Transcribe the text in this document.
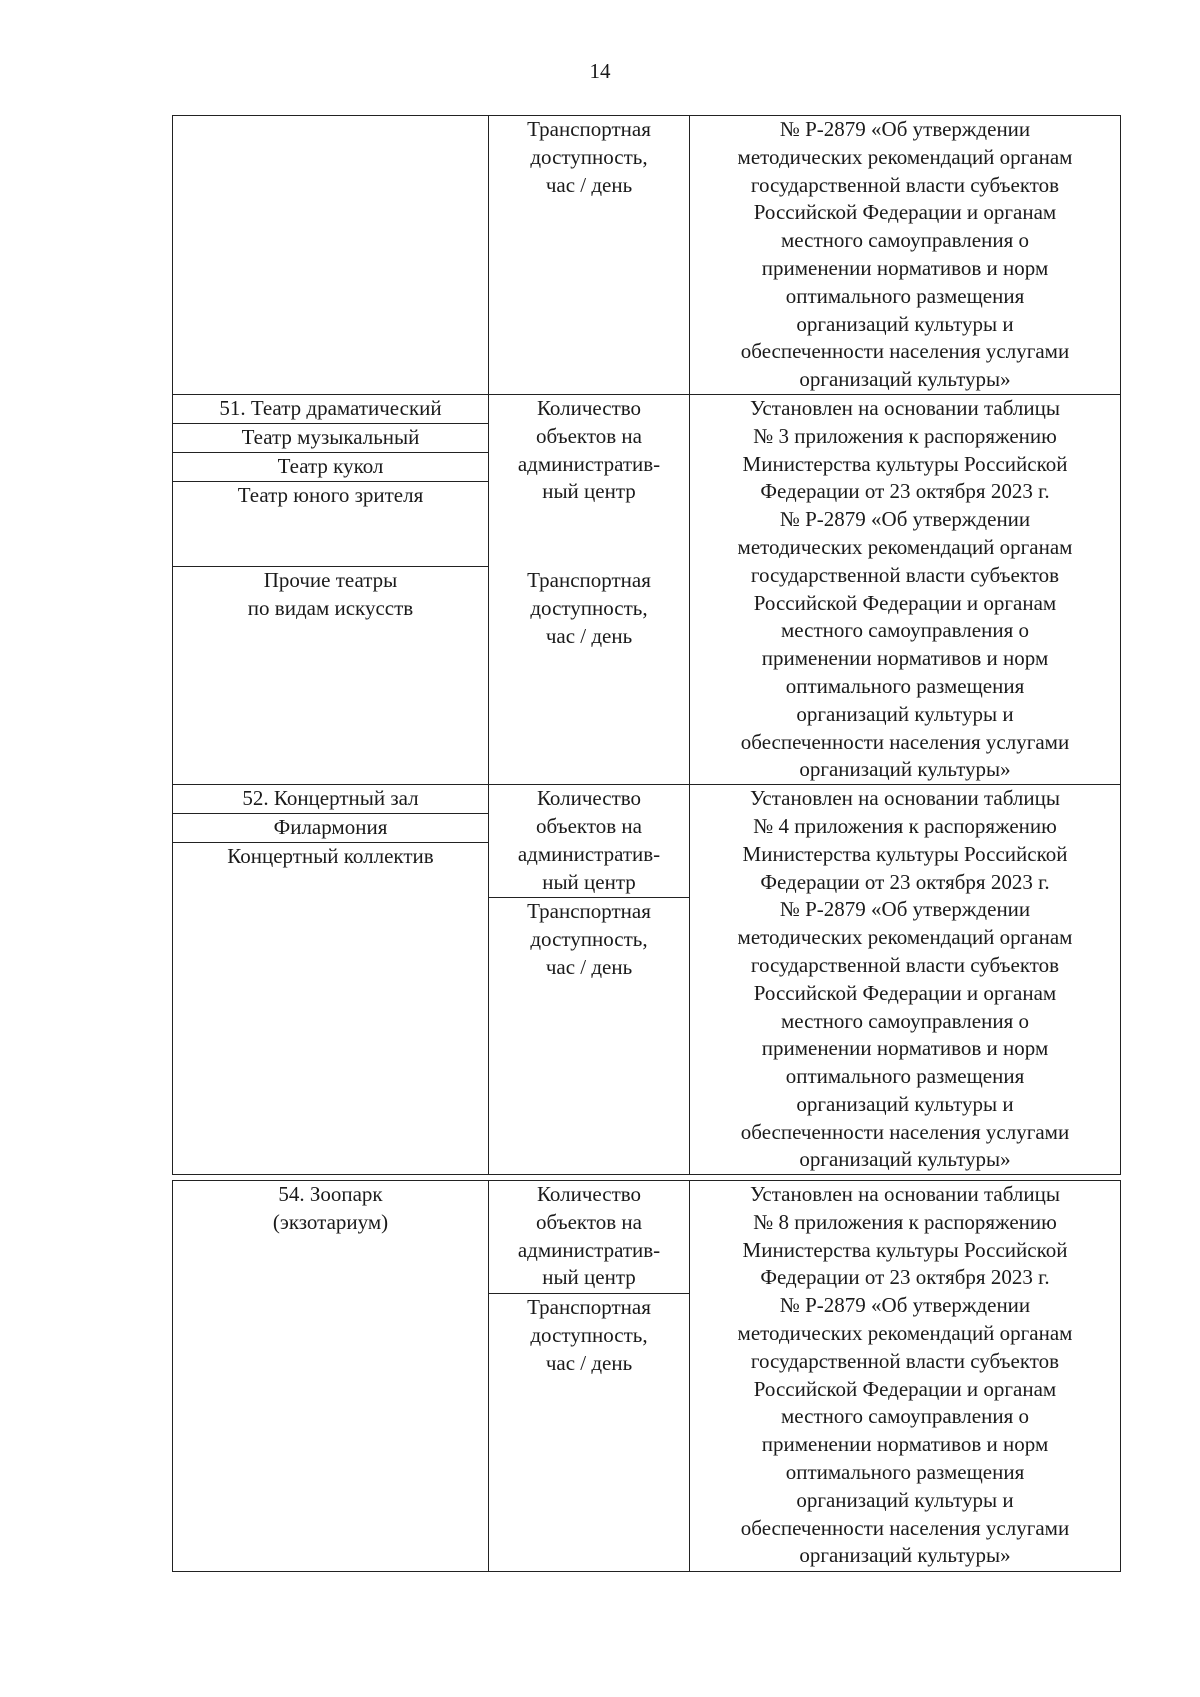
14
Транспортная
доступность,
час / день
№ Р-2879 «Об утверждении
методических рекомендаций органам
государственной власти субъектов
Российской Федерации и органам
местного самоуправления о
применении нормативов и норм
оптимального размещения
организаций культуры и
обеспеченности населения услугами
организаций культуры»
51. Театр драматический
Театр музыкальный
Театр кукол
Театр юного зрителя
Прочие театры
по видам искусств
Количество
объектов на
административ-
ный центр
Транспортная
доступность,
час / день
Установлен на основании таблицы
№ 3 приложения к распоряжению
Министерства культуры Российской
Федерации от 23 октября 2023 г.
№ Р-2879 «Об утверждении
методических рекомендаций органам
государственной власти субъектов
Российской Федерации и органам
местного самоуправления о
применении нормативов и норм
оптимального размещения
организаций культуры и
обеспеченности населения услугами
организаций культуры»
52. Концертный зал
Филармония
Концертный коллектив
Количество
объектов на
административ-
ный центр
Транспортная
доступность,
час / день
Установлен на основании таблицы
№ 4 приложения к распоряжению
Министерства культуры Российской
Федерации от 23 октября 2023 г.
№ Р-2879 «Об утверждении
методических рекомендаций органам
государственной власти субъектов
Российской Федерации и органам
местного самоуправления о
применении нормативов и норм
оптимального размещения
организаций культуры и
обеспеченности населения услугами
организаций культуры»
54. Зоопарк
(экзотариум)
Количество
объектов на
административ-
ный центр
Транспортная
доступность,
час / день
Установлен на основании таблицы
№ 8 приложения к распоряжению
Министерства культуры Российской
Федерации от 23 октября 2023 г.
№ Р-2879 «Об утверждении
методических рекомендаций органам
государственной власти субъектов
Российской Федерации и органам
местного самоуправления о
применении нормативов и норм
оптимального размещения
организаций культуры и
обеспеченности населения услугами
организаций культуры»
